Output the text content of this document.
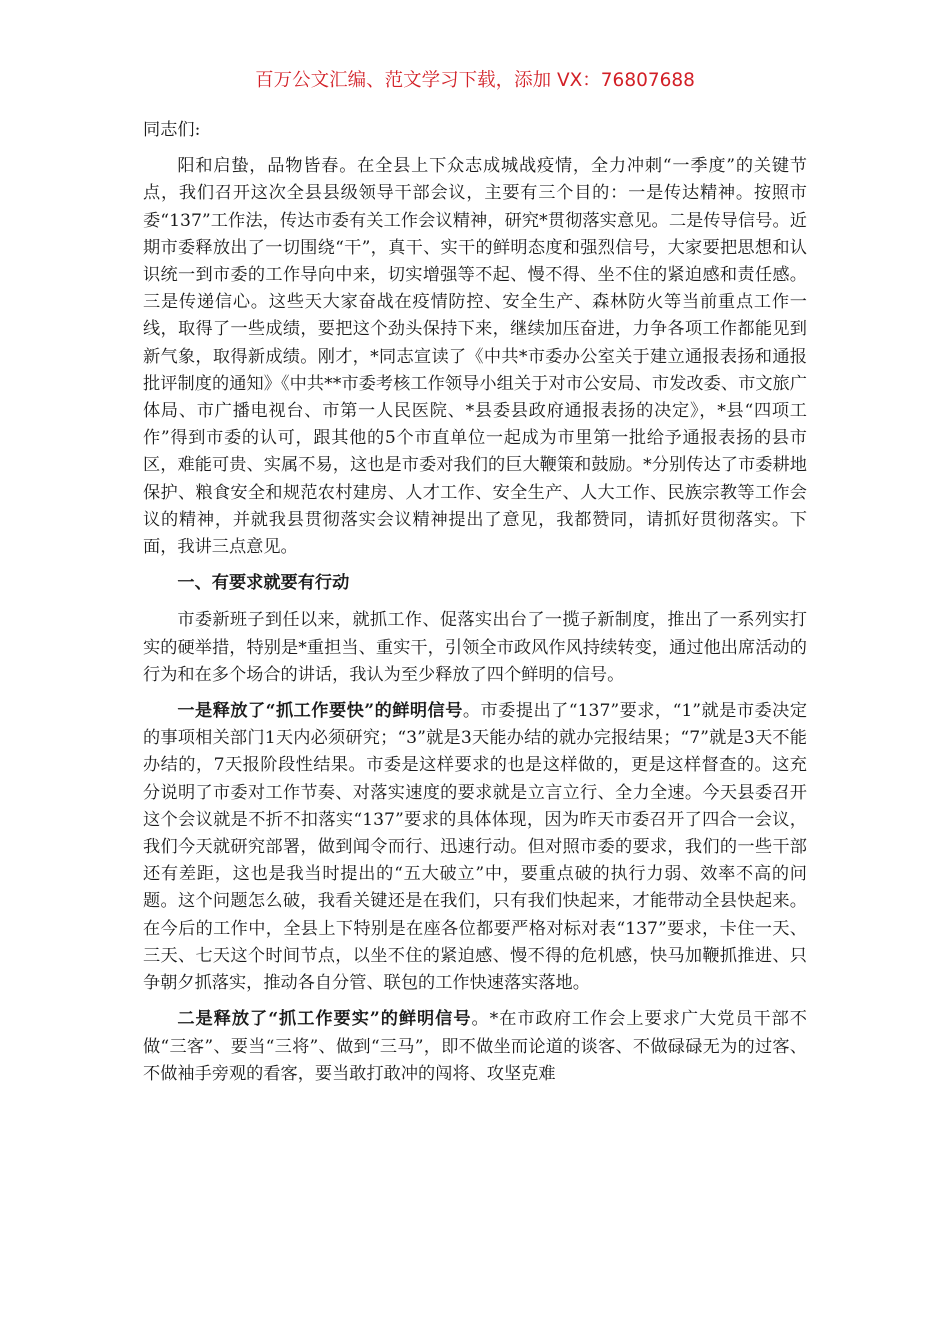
百万公文汇编、范文学习下载，添加 VX：76807688

同志们:

阳和启蛰，品物皆春。在全县上下众志成城战疫情，全力冲刺“一季度”的关键节点，我们召开这次全县县级领导干部会议，主要有三个目的：一是传达精神。按照市委“137”工作法，传达市委有关工作会议精神，研究*贯彻落实意见。二是传导信号。近期市委释放出了一切围绕“干”，真干、实干的鲜明态度和强烈信号，大家要把思想和认识统一到市委的工作导向中来，切实增强等不起、慢不得、坐不住的紧迫感和责任感。三是传递信心。这些天大家奋战在疫情防控、安全生产、森林防火等当前重点工作一线，取得了一些成绩，要把这个劲头保持下来，继续加压奋进，力争各项工作都能见到新气象，取得新成绩。刚才，*同志宣读了《中共*市委办公室关于建立通报表扬和通报批评制度的通知》《中共**市委考核工作领导小组关于对市公安局、市发改委、市文旅广体局、市广播电视台、市第一人民医院、*县委县政府通报表扬的决定》，*县“四项工作”得到市委的认可，跟其他的5个市直单位一起成为市里第一批给予通报表扬的县市区，难能可贵、实属不易，这也是市委对我们的巨大鞭策和鼓励。*分别传达了市委耕地保护、粮食安全和规范农村建房、人才工作、安全生产、人大工作、民族宗教等工作会议的精神，并就我县贯彻落实会议精神提出了意见，我都赞同，请抓好贯彻落实。下面，我讲三点意见。

一、有要求就要有行动

市委新班子到任以来，就抓工作、促落实出台了一揽子新制度，推出了一系列实打实的硬举措，特别是*重担当、重实干，引领全市政风作风持续转变，通过他出席活动的行为和在多个场合的讲话，我认为至少释放了四个鲜明的信号。

一是释放了“抓工作要快”的鲜明信号。市委提出了“137”要求，“1”就是市委决定的事项相关部门1天内必须研究；“3”就是3天能办结的就办完报结果；“7”就是3天不能办结的，7天报阶段性结果。市委是这样要求的也是这样做的，更是这样督查的。这充分说明了市委对工作节奏、对落实速度的要求就是立言立行、全力全速。今天县委召开这个会议就是不折不扣落实“137”要求的具体体现，因为昨天市委召开了四合一会议，我们今天就研究部署，做到闻令而行、迅速行动。但对照市委的要求，我们的一些干部还有差距，这也是我当时提出的“五大破立”中，要重点破的执行力弱、效率不高的问题。这个问题怎么破，我看关键还是在我们，只有我们快起来，才能带动全县快起来。在今后的工作中，全县上下特别是在座各位都要严格对标对表“137”要求，卡住一天、三天、七天这个时间节点，以坐不住的紧迫感、慢不得的危机感，快马加鞭抓推进、只争朝夕抓落实，推动各自分管、联包的工作快速落实落地。

二是释放了“抓工作要实”的鲜明信号。*在市政府工作会上要求广大党员干部不做“三客”、要当“三将”、做到“三马”，即不做坐而论道的谈客、不做碌碌无为的过客、不做袖手旁观的看客，要当敢打敢冲的闯将、攻坚克难
